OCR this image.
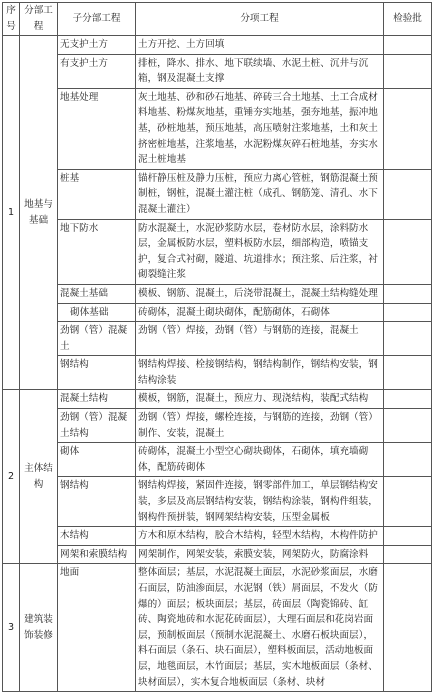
序号	分部工程	子分部工程	分项工程	检验批
1	地基与基础	无支护土方	土方开挖、土方回填	
		有支护土方	排桩，降水、排水、地下联续墙、水泥土桩、沉井与沉箱，钢及混凝土支撑	
		地基处理	灰土地基、砂和砂石地基、碎砖三合土地基、土工合成材料地基、粉煤灰地基，重锤夯实地基，强夯地基，振冲地基，砂桩地基，预压地基，高压喷射注浆地基，土和灰土挤密桩地基，注浆地基，水泥粉煤灰碎石桩地基，夯实水泥土桩地基	
		桩基	锚杆静压桩及静力压桩，预应力离心管桩，钢筋混凝土预制桩，钢桩，混凝土灌注桩（成孔、钢筋笼、清孔、水下混凝土灌注）	
		地下防水	防水混凝土，水泥砂浆防水层，卷材防水层，涂料防水层，金属板防水层，塑料板防水层，细部构造，喷锚支护，复合式衬砌，隧道、坑道排水；预注浆、后注浆，衬砌裂缝注浆	
		混凝土基础	模板、钢筋、混凝土，后浇带混凝土，混凝土结构缝处理	
		砌体基础	砖砌体，混凝土砌块砌体，配筋砌体，石砌体	
		劲钢（管）混凝土	劲钢（管）焊接，劲钢（管）与钢筋的连接，混凝土	
		钢结构	钢结构焊接、栓接钢结构，钢结构制作，钢结构安装，钢结构涂装	
2	主体结构	混凝土结构	模板，钢筋，混凝土，预应力、现浇结构，装配式结构	
		劲钢（管）混凝土结构	劲钢（管）焊接，螺栓连接，与钢筋的连接，劲钢（管）制作、安装，混凝土	
		砌体	砖砌体，混凝土小型空心砌块砌体，石砌体，填充墙砌体，配筋砖砌体	
		钢结构	钢结构焊接，紧固件连接，钢零部件加工，单层钢结构安装，多层及高层钢结构安装，钢结构涂装，钢构件组装，钢构件预拼装，钢网架结构安装，压型金属板	
		木结构	方木和原木结构，胶合木结构，轻型木结构，木构件防护	
		网架和索膜结构	网架制作，网架安装，索膜安装，网架防火，防腐涂料	
3	建筑装饰装修	地面	整体面层；基层，水泥混凝土面层，水泥砂浆面层，水磨石面层，防油渗面层，水泥钢（铁）屑面层，不发火（防爆的）面层；板块面层；基层，砖面层（陶瓷锦砖、缸砖、陶瓷地砖和水泥花砖面层），大理石面层和花岗岩面层，预制板面层（预制水泥混凝土、水磨石板块面层），料石面层（条石、块石面层），塑料板面层，活动地板面层，地毯面层，木竹面层；基层，实木地板面层（条材、块材面层），实木复合地板面层（条材、块材	
